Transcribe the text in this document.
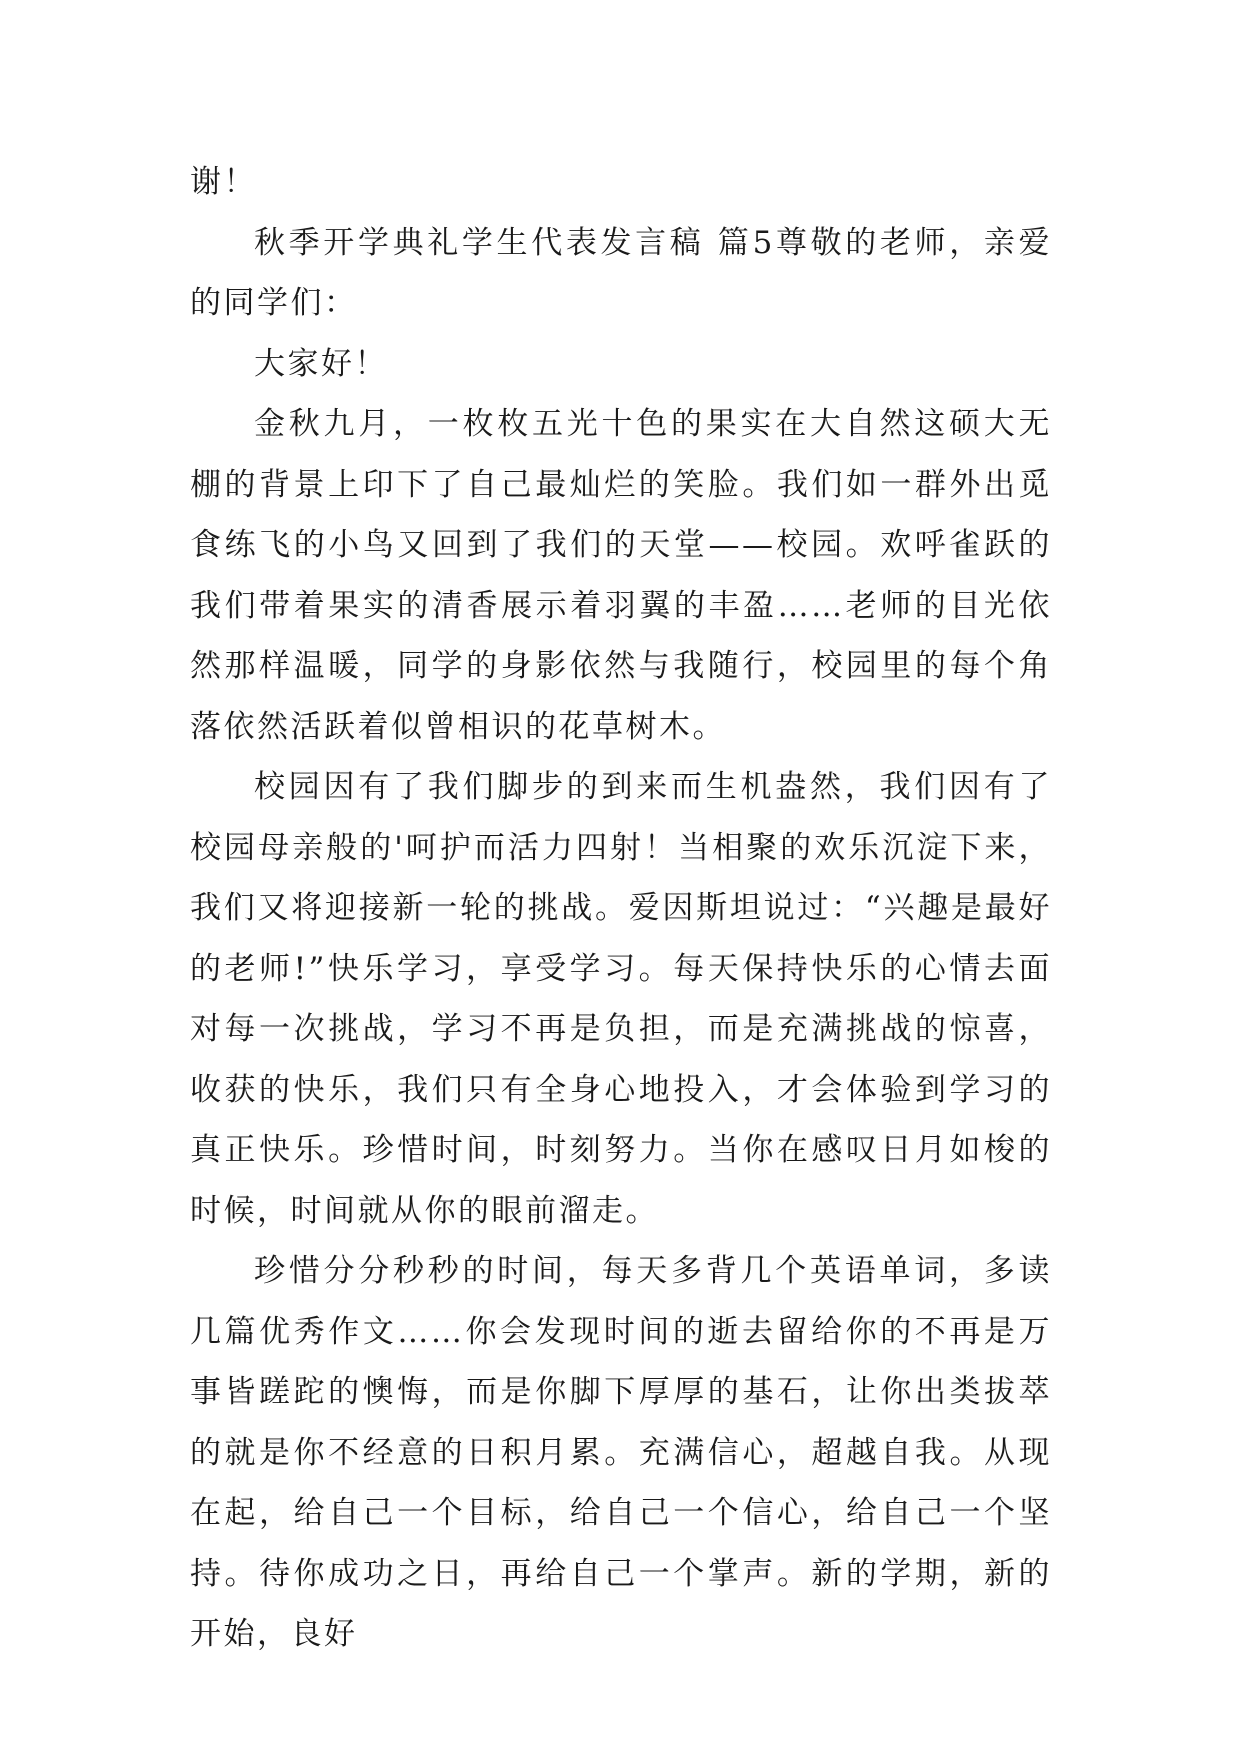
谢！

秋季开学典礼学生代表发言稿 篇5尊敬的老师，亲爱的同学们：

大家好！

金秋九月，一枚枚五光十色的果实在大自然这硕大无棚的背景上印下了自己最灿烂的笑脸。我们如一群外出觅食练飞的小鸟又回到了我们的天堂——校园。欢呼雀跃的我们带着果实的清香展示着羽翼的丰盈……老师的目光依然那样温暖，同学的身影依然与我随行，校园里的每个角落依然活跃着似曾相识的花草树木。

校园因有了我们脚步的到来而生机盎然，我们因有了校园母亲般的'呵护而活力四射！当相聚的欢乐沉淀下来，我们又将迎接新一轮的挑战。爱因斯坦说过：“兴趣是最好的老师!”快乐学习，享受学习。每天保持快乐的心情去面对每一次挑战，学习不再是负担，而是充满挑战的惊喜，收获的快乐，我们只有全身心地投入，才会体验到学习的真正快乐。珍惜时间，时刻努力。当你在感叹日月如梭的时候，时间就从你的眼前溜走。

珍惜分分秒秒的时间，每天多背几个英语单词，多读几篇优秀作文……你会发现时间的逝去留给你的不再是万事皆蹉跎的懊悔，而是你脚下厚厚的基石，让你出类拔萃的就是你不经意的日积月累。充满信心，超越自我。从现在起，给自己一个目标，给自己一个信心，给自己一个坚持。待你成功之日，再给自己一个掌声。新的学期，新的开始，良好
